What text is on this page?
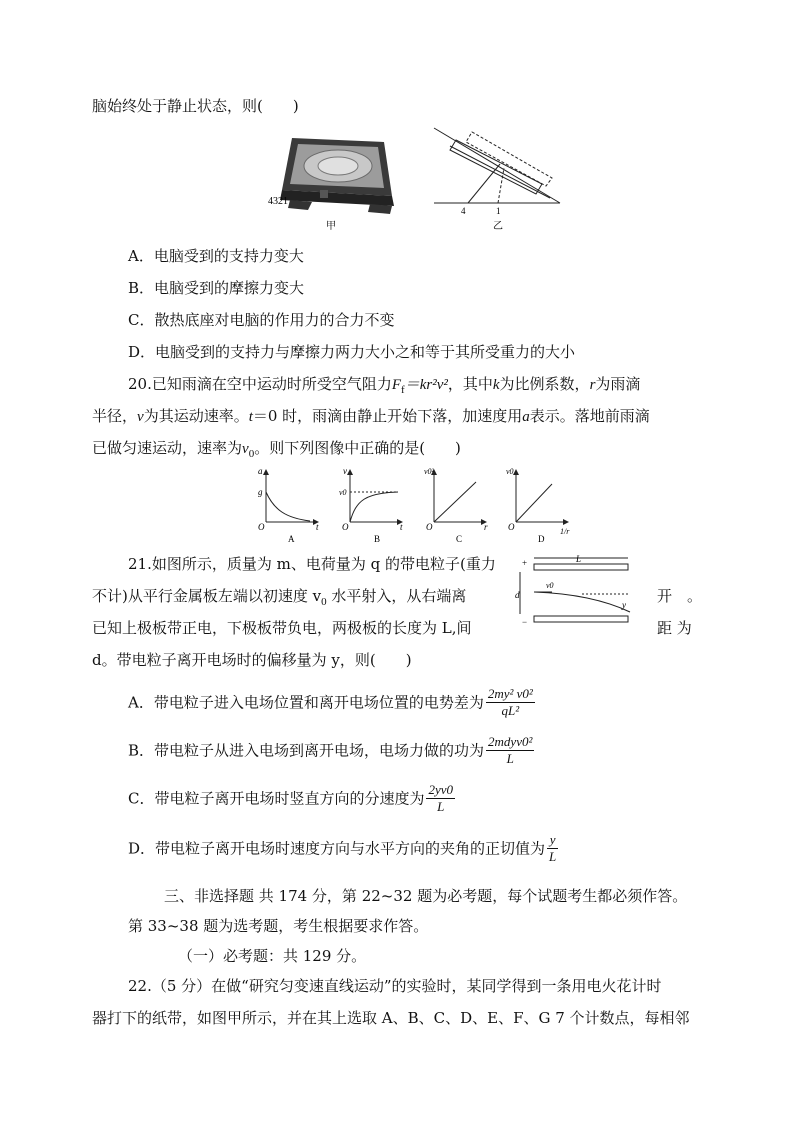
脑始终处于静止状态，则(　　)
4321
甲
4	1
乙
A．电脑受到的支持力变大
B．电脑受到的摩擦力变大
C．散热底座对电脑的作用力的合力不变
D．电脑受到的支持力与摩擦力两力大小之和等于其所受重力的大小
20.已知雨滴在空中运动时所受空气阻力$F_f=kr^2v^2$，其中k为比例系数，r为雨滴
半径，v为其运动速率。t＝0 时，雨滴由静止开始下落，加速度用a表示。落地前雨滴
已做匀速运动，速率为$v_0$。则下列图像中正确的是(　　)
a
g
O	t
A
v
v0
O	t
B
v0²
O	r
C
v0
O	1/r
D
21.如图所示，质量为 m、电荷量为 q 的带电粒子(重力
不计)从平行金属板左端以初速度 $v_0$ 水平射入，从右端离	开　。
已知上极板带正电，下极板带负电，两极板的长度为 L,间	距 为
d。带电粒子离开电场时的偏移量为 y，则(　　)
+
−
L
d
v0
y
A．带电粒子进入电场位置和离开电场位置的电势差为 $\frac{\text{2my² v0²}}{\text{qL²}}$
B．带电粒子从进入电场到离开电场，电场力做的功为 $\frac{\text{2mdyv0²}}{L}$
C．带电粒子离开电场时竖直方向的分速度为 $\frac{2yv0}{L}$
D．带电粒子离开电场时速度方向与水平方向的夹角的正切值为 $\frac{y}{L}$
三、非选择题 共 174 分，第 22~32 题为必考题，每个试题考生都必须作答。
第 33~38 题为选考题，考生根据要求作答。
（一）必考题：共 129 分。
22.（5 分）在做“研究匀变速直线运动”的实验时，某同学得到一条用电火花计时
器打下的纸带，如图甲所示，并在其上选取 A、B、C、D、E、F、G 7 个计数点，每相邻
